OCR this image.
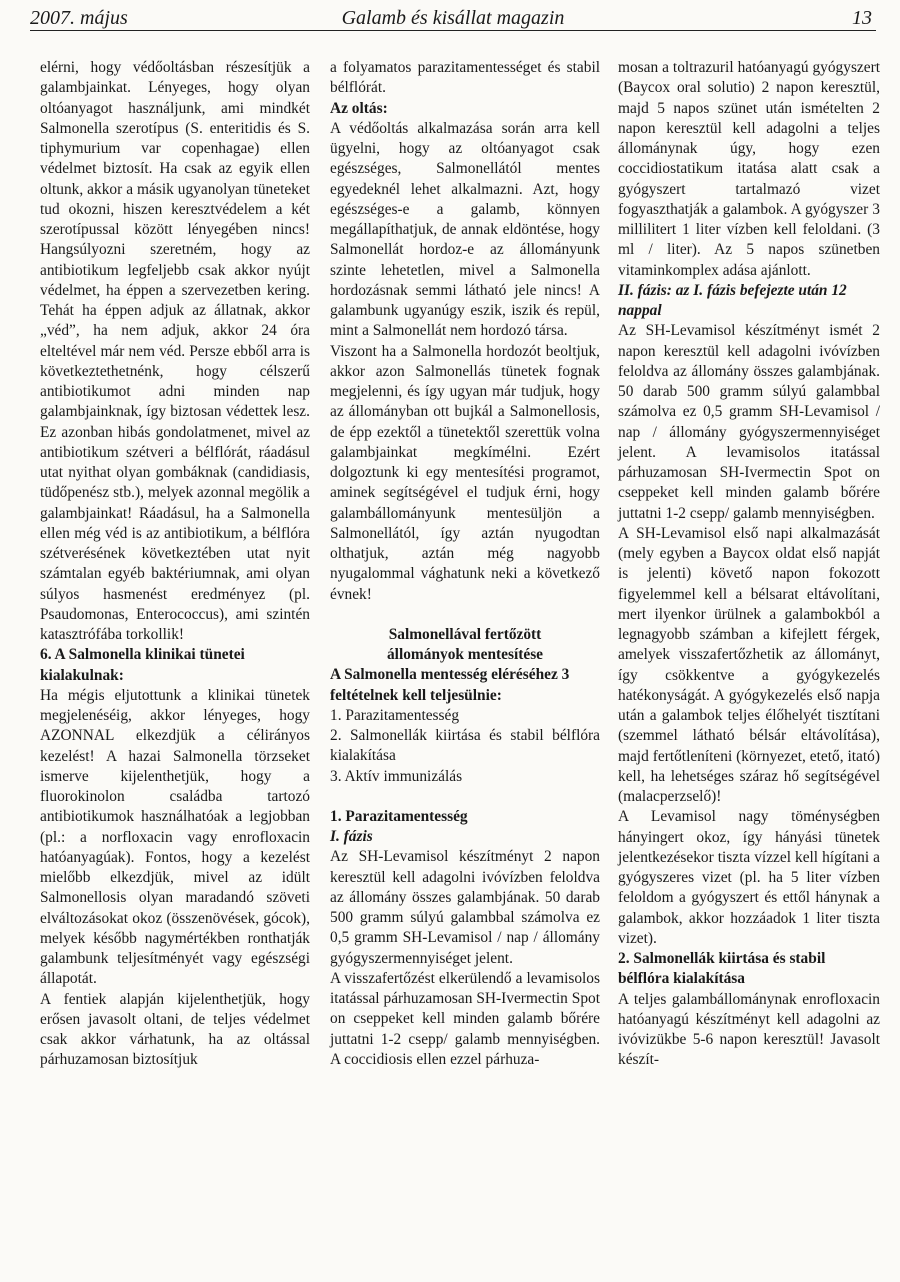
2007. május	Galamb és kisállat magazin	13

elérni, hogy védőoltásban részesítjük a galambjainkat. Lényeges, hogy olyan oltóanyagot használjunk, ami mindkét Salmonella szerotípus (S. enteritidis és S. tiphymurium var copenhagae) ellen védelmet biztosít. Ha csak az egyik ellen oltunk, akkor a másik ugyanolyan tüneteket tud okozni, hiszen keresztvédelem a két szerotípussal között lényegében nincs! Hangsúlyozni szeretném, hogy az antibiotikum legfeljebb csak akkor nyújt védelmet, ha éppen a szervezetben kering. Tehát ha éppen adjuk az állatnak, akkor „véd”, ha nem adjuk, akkor 24 óra elteltével már nem véd. Persze ebből arra is következtethetnénk, hogy célszerű antibiotikumot adni minden nap galambjainknak, így biztosan védettek lesz. Ez azonban hibás gondolatmenet, mivel az antibiotikum szétveri a bélflórát, ráadásul utat nyithat olyan gombáknak (candidiasis, tüdőpenész stb.), melyek azonnal megölik a galambjainkat! Ráadásul, ha a Salmonella ellen még véd is az antibiotikum, a bélflóra szétverésének következtében utat nyit számtalan egyéb baktériumnak, ami olyan súlyos hasmenést eredményez (pl. Psaudomonas, Enterococcus), ami szintén katasztrófába torkollik!

6. A Salmonella klinikai tünetei kialakulnak:

Ha mégis eljutottunk a klinikai tünetek megjelenéséig, akkor lényeges, hogy AZONNAL elkezdjük a célirányos kezelést! A hazai Salmonella törzseket ismerve kijelenthetjük, hogy a fluorokinolon családba tartozó antibiotikumok használhatóak a legjobban (pl.: a norfloxacin vagy enrofloxacin hatóanyagúak). Fontos, hogy a kezelést mielőbb elkezdjük, mivel az idült Salmonellosis olyan maradandó szöveti elváltozásokat okoz (összenövések, gócok), melyek később nagymértékben ronthatják galambunk teljesítményét vagy egészségi állapotát.

A fentiek alapján kijelenthetjük, hogy erősen javasolt oltani, de teljes védelmet csak akkor várhatunk, ha az oltással párhuzamosan biztosítjuk

a folyamatos parazitamentességet és stabil bélflórát.

Az oltás:

A védőoltás alkalmazása során arra kell ügyelni, hogy az oltóanyagot csak egészséges, Salmonellától mentes egyedeknél lehet alkalmazni. Azt, hogy egészséges-e a galamb, könnyen megállapíthatjuk, de annak eldöntése, hogy Salmonellát hordoz-e az állományunk szinte lehetetlen, mivel a Salmonella hordozásnak semmi látható jele nincs! A galambunk ugyanúgy eszik, iszik és repül, mint a Salmonellát nem hordozó társa.

Viszont ha a Salmonella hordozót beoltjuk, akkor azon Salmonellás tünetek fognak megjelenni, és így ugyan már tudjuk, hogy az állományban ott bujkál a Salmonellosis, de épp ezektől a tünetektől szerettük volna galambjainkat megkímélni. Ezért dolgoztunk ki egy mentesítési programot, aminek segítségével el tudjuk érni, hogy galambállományunk mentesüljön a Salmonellától, így aztán nyugodtan olthatjuk, aztán még nagyobb nyugalommal vághatunk neki a következő évnek!

Salmonellával fertőzött

állományok mentesítése

A Salmonella mentesség eléréséhez 3 feltételnek kell teljesülnie:

1. Parazitamentesség
2. Salmonellák kiirtása és stabil bélflóra kialakítása
3. Aktív immunizálás

1. Parazitamentesség

I. fázis

Az SH-Levamisol készítményt 2 napon keresztül kell adagolni ivóvízben feloldva az állomány összes galambjának. 50 darab 500 gramm súlyú galambbal számolva ez 0,5 gramm SH-Levamisol / nap / állomány gyógyszermennyiséget jelent.

A visszafertőzést elkerülendő a levamisolos itatással párhuzamosan SH-Ivermectin Spot on cseppeket kell minden galamb bőrére juttatni 1-2 csepp/ galamb mennyiségben. A coccidiosis ellen ezzel párhuza-

mosan a toltrazuril hatóanyagú gyógyszert (Baycox oral solutio) 2 napon keresztül, majd 5 napos szünet után ismételten 2 napon keresztül kell adagolni a teljes állománynak úgy, hogy ezen coccidiostatikum itatása alatt csak a gyógyszert tartalmazó vizet fogyaszthatják a galambok. A gyógyszer 3 millilitert 1 liter vízben kell feloldani. (3 ml / liter). Az 5 napos szünetben vitaminkomplex adása ajánlott.

II. fázis: az I. fázis befejezte után 12 nappal

Az SH-Levamisol készítményt ismét 2 napon keresztül kell adagolni ivóvízben feloldva az állomány összes galambjának. 50 darab 500 gramm súlyú galambbal számolva ez 0,5 gramm SH-Levamisol / nap / állomány gyógyszermennyiséget jelent. A levamisolos itatással párhuzamosan SH-Ivermectin Spot on cseppeket kell minden galamb bőrére juttatni 1-2 csepp/ galamb mennyiségben.

A SH-Levamisol első napi alkalmazását (mely egyben a Baycox oldat első napját is jelenti) követő napon fokozott figyelemmel kell a bélsarat eltávolítani, mert ilyenkor ürülnek a galambokból a legnagyobb számban a kifejlett férgek, amelyek visszafertőzhetik az állományt, így csökkentve a gyógykezelés hatékonyságát. A gyógykezelés első napja után a galambok teljes élőhelyét tisztítani (szemmel látható bélsár eltávolítása), majd fertőtleníteni (környezet, etető, itató) kell, ha lehetséges száraz hő segítségével (malacperzselő)!

A Levamisol nagy töménységben hányingert okoz, így hányási tünetek jelentkezésekor tiszta vízzel kell hígítani a gyógyszeres vizet (pl. ha 5 liter vízben feloldom a gyógyszert és ettől hánynak a galambok, akkor hozzáadok 1 liter tiszta vizet).

2. Salmonellák kiirtása és stabil bélflóra kialakítása

A teljes galambállománynak enrofloxacin hatóanyagú készítményt kell adagolni az ivóvizükbe 5-6 napon keresztül! Javasolt készít-
